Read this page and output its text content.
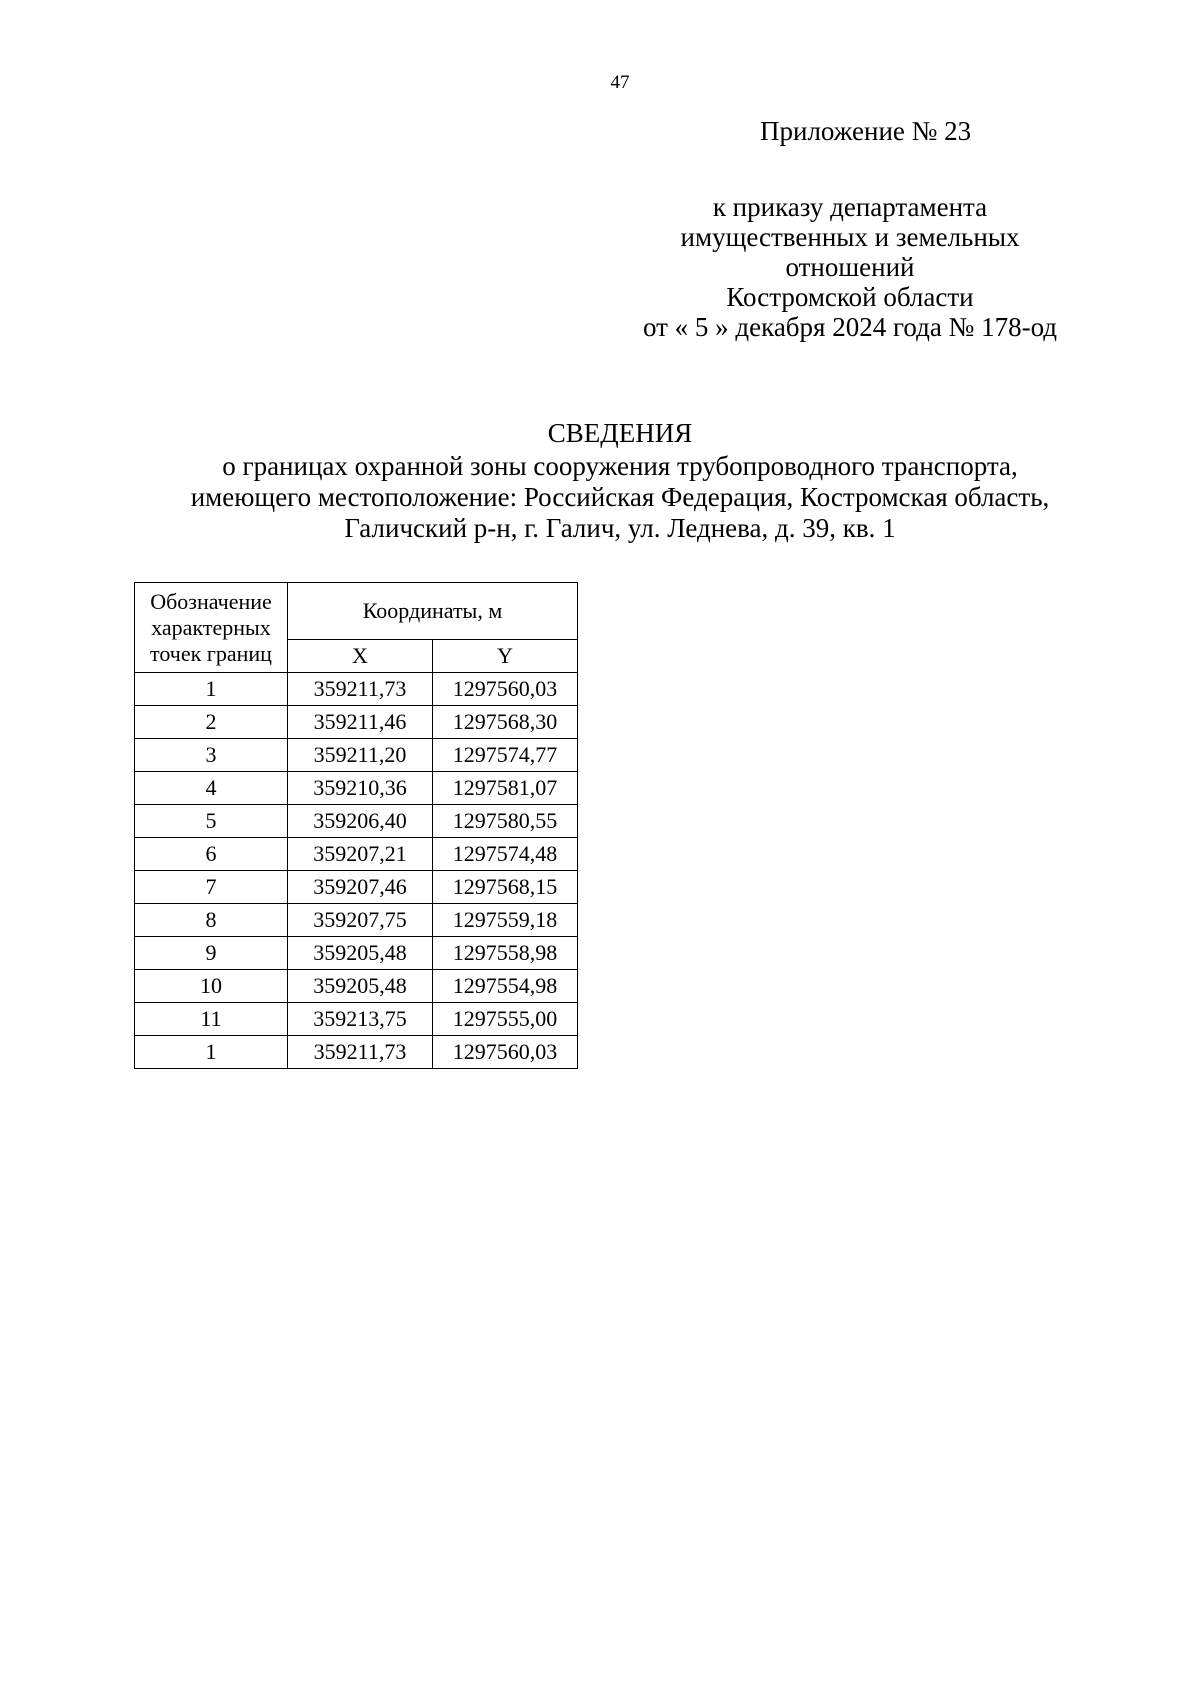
47
Приложение № 23
к приказу департамента
имущественных и земельных
отношений
Костромской области
от « 5 » декабря 2024 года № 178-од
СВЕДЕНИЯ
о границах охранной зоны сооружения трубопроводного транспорта,
имеющего местоположение: Российская Федерация, Костромская область,
Галичский р-н, г. Галич, ул. Леднева, д. 39, кв. 1
Обозначение
характерных
точек границ	Координаты, м	
	X	Y
1	359211,73	1297560,03
2	359211,46	1297568,30
3	359211,20	1297574,77
4	359210,36	1297581,07
5	359206,40	1297580,55
6	359207,21	1297574,48
7	359207,46	1297568,15
8	359207,75	1297559,18
9	359205,48	1297558,98
10	359205,48	1297554,98
11	359213,75	1297555,00
1	359211,73	1297560,03
